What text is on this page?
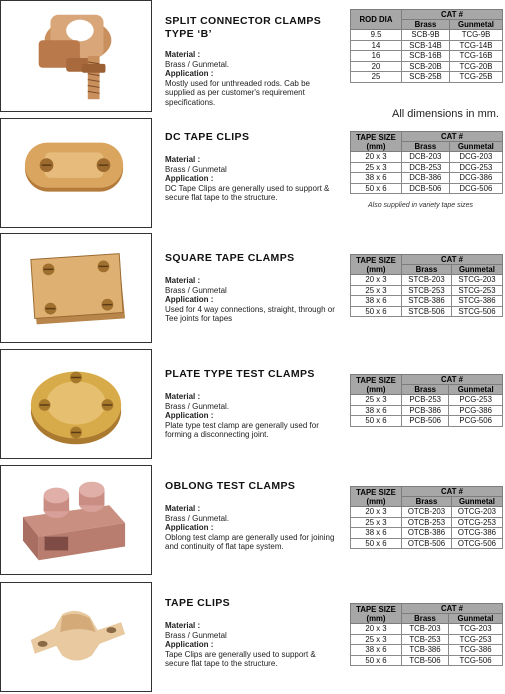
SPLIT CONNECTOR CLAMPS
TYPE ‘B’
Material :
Brass / Gunmetal.
Application :
Mostly used for unthreaded rods. Cab be supplied as per customer's requirement specifications.
ROD DIA	CAT #	
	Brass	Gunmetal
9.5	SCB-9B	TCG-9B
14	SCB-14B	TCG-14B
16	SCB-16B	TCG-16B
20	SCB-20B	TCG-20B
25	SCB-25B	TCG-25B
All dimensions in mm.
DC TAPE CLIPS
Material :
Brass / Gunmetal
Application :
DC Tape Clips are generally used to support & secure flat tape to the structure.
TAPE SIZE (mm)	CAT #	
	Brass	Gunmetal
20 x 3	DCB-203	DCG-203
25 x 3	DCB-253	DCG-253
38 x 6	DCB-386	DCG-386
50 x 6	DCB-506	DCG-506
Also supplied in variety tape sizes
SQUARE TAPE CLAMPS
Material :
Brass / Gunmetal
Application :
Used for 4 way connections, straight, through or Tee joints for tapes
TAPE SIZE (mm)	CAT #	
	Brass	Gunmetal
20 x 3	STCB-203	STCG-203
25 x 3	STCB-253	STCG-253
38 x 6	STCB-386	STCG-386
50 x 6	STCB-506	STCG-506
PLATE TYPE TEST CLAMPS
Material :
Brass / Gunmetal.
Application :
Plate type test clamp are generally used for forming a disconnecting joint.
TAPE SIZE (mm)	CAT #	
	Brass	Gunmetal
25 x 3	PCB-253	PCG-253
38 x 6	PCB-386	PCG-386
50 x 6	PCB-506	PCG-506
OBLONG TEST CLAMPS
Material :
Brass / Gunmetal.
Application :
Oblong test clamp are generally used for joining and continuity of flat tape system.
TAPE SIZE (mm)	CAT #	
	Brass	Gunmetal
20 x 3	OTCB-203	OTCG-203
25 x 3	OTCB-253	OTCG-253
38 x 6	OTCB-386	OTCG-386
50 x 6	OTCB-506	OTCG-506
TAPE CLIPS
Material :
Brass / Gunmetal
Application :
Tape Clips are generally used to support & secure flat tape to the structure.
TAPE SIZE (mm)	CAT #	
	Brass	Gunmetal
20 x 3	TCB-203	TCG-203
25 x 3	TCB-253	TCG-253
38 x 6	TCB-386	TCG-386
50 x 6	TCB-506	TCG-506
